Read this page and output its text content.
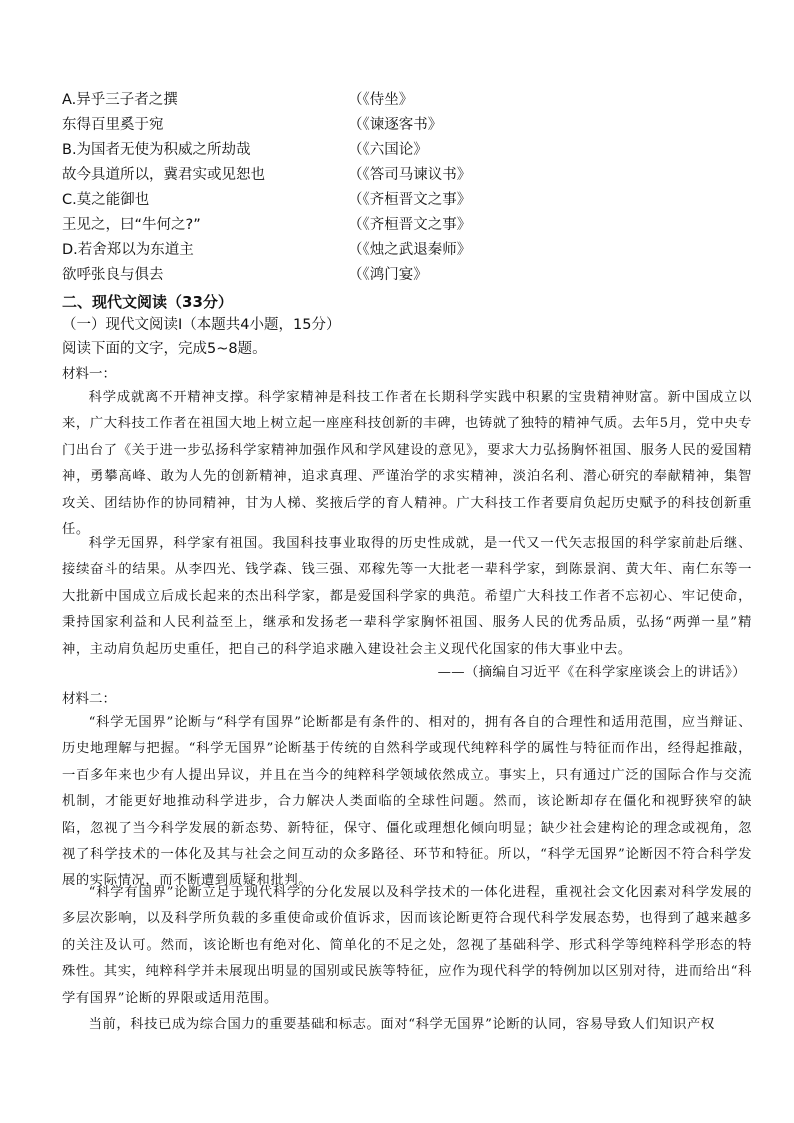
A.异乎三子者之撰	（《侍坐》
东得百里奚于宛	（《谏逐客书》
B.为国者无使为积威之所劫哉	（《六国论》
故今具道所以，冀君实或见恕也	（《答司马谏议书》
C.莫之能御也	（《齐桓晋文之事》
王见之，曰“牛何之?”	（《齐桓晋文之事》
D.若舍郑以为东道主	（《烛之武退秦师》
欲呼张良与俱去	（《鸿门宴》
二、现代文阅读（33分）
（一）现代文阅读Ⅰ（本题共4小题，15分）
阅读下面的文字，完成5~8题。
材料一：

科学成就离不开精神支撑。科学家精神是科技工作者在长期科学实践中积累的宝贵精神财富。新中国成立以来，广大科技工作者在祖国大地上树立起一座座科技创新的丰碑，也铸就了独特的精神气质。去年5月，党中央专门出台了《关于进一步弘扬科学家精神加强作风和学风建设的意见》，要求大力弘扬胸怀祖国、服务人民的爱国精神，勇攀高峰、敢为人先的创新精神，追求真理、严谨治学的求实精神，淡泊名利、潜心研究的奉献精神，集智攻关、团结协作的协同精神，甘为人梯、奖掖后学的育人精神。广大科技工作者要肩负起历史赋予的科技创新重任。

科学无国界，科学家有祖国。我国科技事业取得的历史性成就，是一代又一代矢志报国的科学家前赴后继、接续奋斗的结果。从李四光、钱学森、钱三强、邓稼先等一大批老一辈科学家，到陈景润、黄大年、南仁东等一大批新中国成立后成长起来的杰出科学家，都是爱国科学家的典范。希望广大科技工作者不忘初心、牢记使命，秉持国家利益和人民利益至上，继承和发扬老一辈科学家胸怀祖国、服务人民的优秀品质，弘扬“两弹一星”精神，主动肩负起历史重任，把自己的科学追求融入建设社会主义现代化国家的伟大事业中去。

——（摘编自习近平《在科学家座谈会上的讲话》）
材料二：

“科学无国界”论断与“科学有国界”论断都是有条件的、相对的，拥有各自的合理性和适用范围，应当辩证、历史地理解与把握。“科学无国界”论断基于传统的自然科学或现代纯粹科学的属性与特征而作出，经得起推敲，一百多年来也少有人提出异议，并且在当今的纯粹科学领域依然成立。事实上，只有通过广泛的国际合作与交流机制，才能更好地推动科学进步，合力解决人类面临的全球性问题。然而，该论断却存在僵化和视野狭窄的缺陷，忽视了当今科学发展的新态势、新特征，保守、僵化或理想化倾向明显；缺少社会建构论的理念或视角，忽视了科学技术的一体化及其与社会之间互动的众多路径、环节和特征。所以，“科学无国界”论断因不符合科学发展的实际情况，而不断遭到质疑和批判。

“科学有国界”论断立足于现代科学的分化发展以及科学技术的一体化进程，重视社会文化因素对科学发展的多层次影响，以及科学所负载的多重使命或价值诉求，因而该论断更符合现代科学发展态势，也得到了越来越多的关注及认可。然而，该论断也有绝对化、简单化的不足之处，忽视了基础科学、形式科学等纯粹科学形态的特殊性。其实，纯粹科学并未展现出明显的国别或民族等特征，应作为现代科学的特例加以区别对待，进而给出“科学有国界”论断的界限或适用范围。

当前，科技已成为综合国力的重要基础和标志。面对“科学无国界”论断的认同，容易导致人们知识产权
